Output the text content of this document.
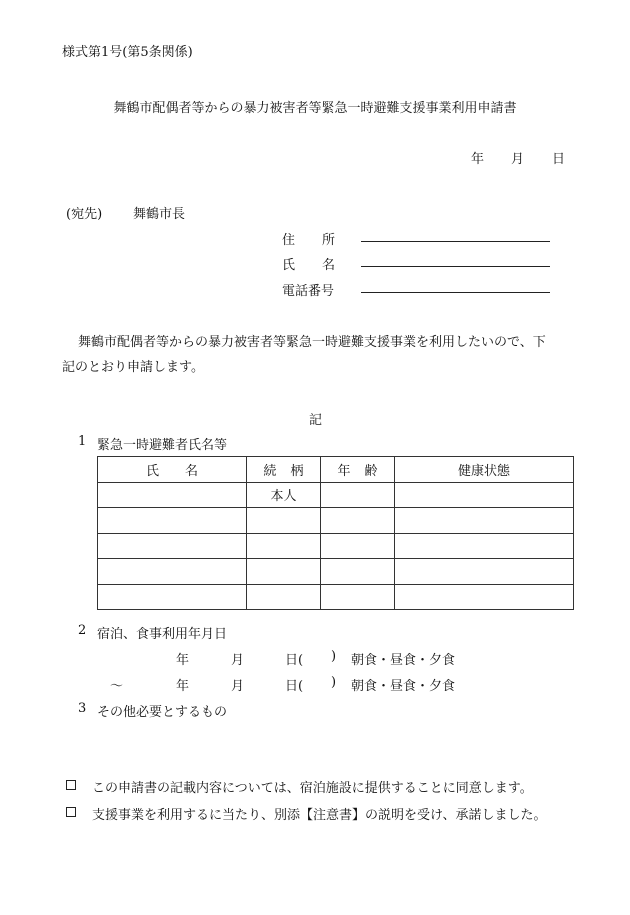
様式第1号(第5条関係)
舞鶴市配偶者等からの暴力被害者等緊急一時避難支援事業利用申請書
年 月 日
(宛先) 舞鶴市長
住 所
氏 名
電話番号
舞鶴市配偶者等からの暴力被害者等緊急一時避難支援事業を利用したいので、下
記のとおり申請します。
記
1 緊急一時避難者氏名等
氏 名	続 柄	年 齢	健康状態
	本人		

2 宿泊、食事利用年月日
年	月	日( ) 朝食・昼食・夕食
〜	年	月	日( ) 朝食・昼食・夕食
3 その他必要とするもの
この申請書の記載内容については、宿泊施設に提供することに同意します。
支援事業を利用するに当たり、別添【注意書】の説明を受け、承諾しました。
